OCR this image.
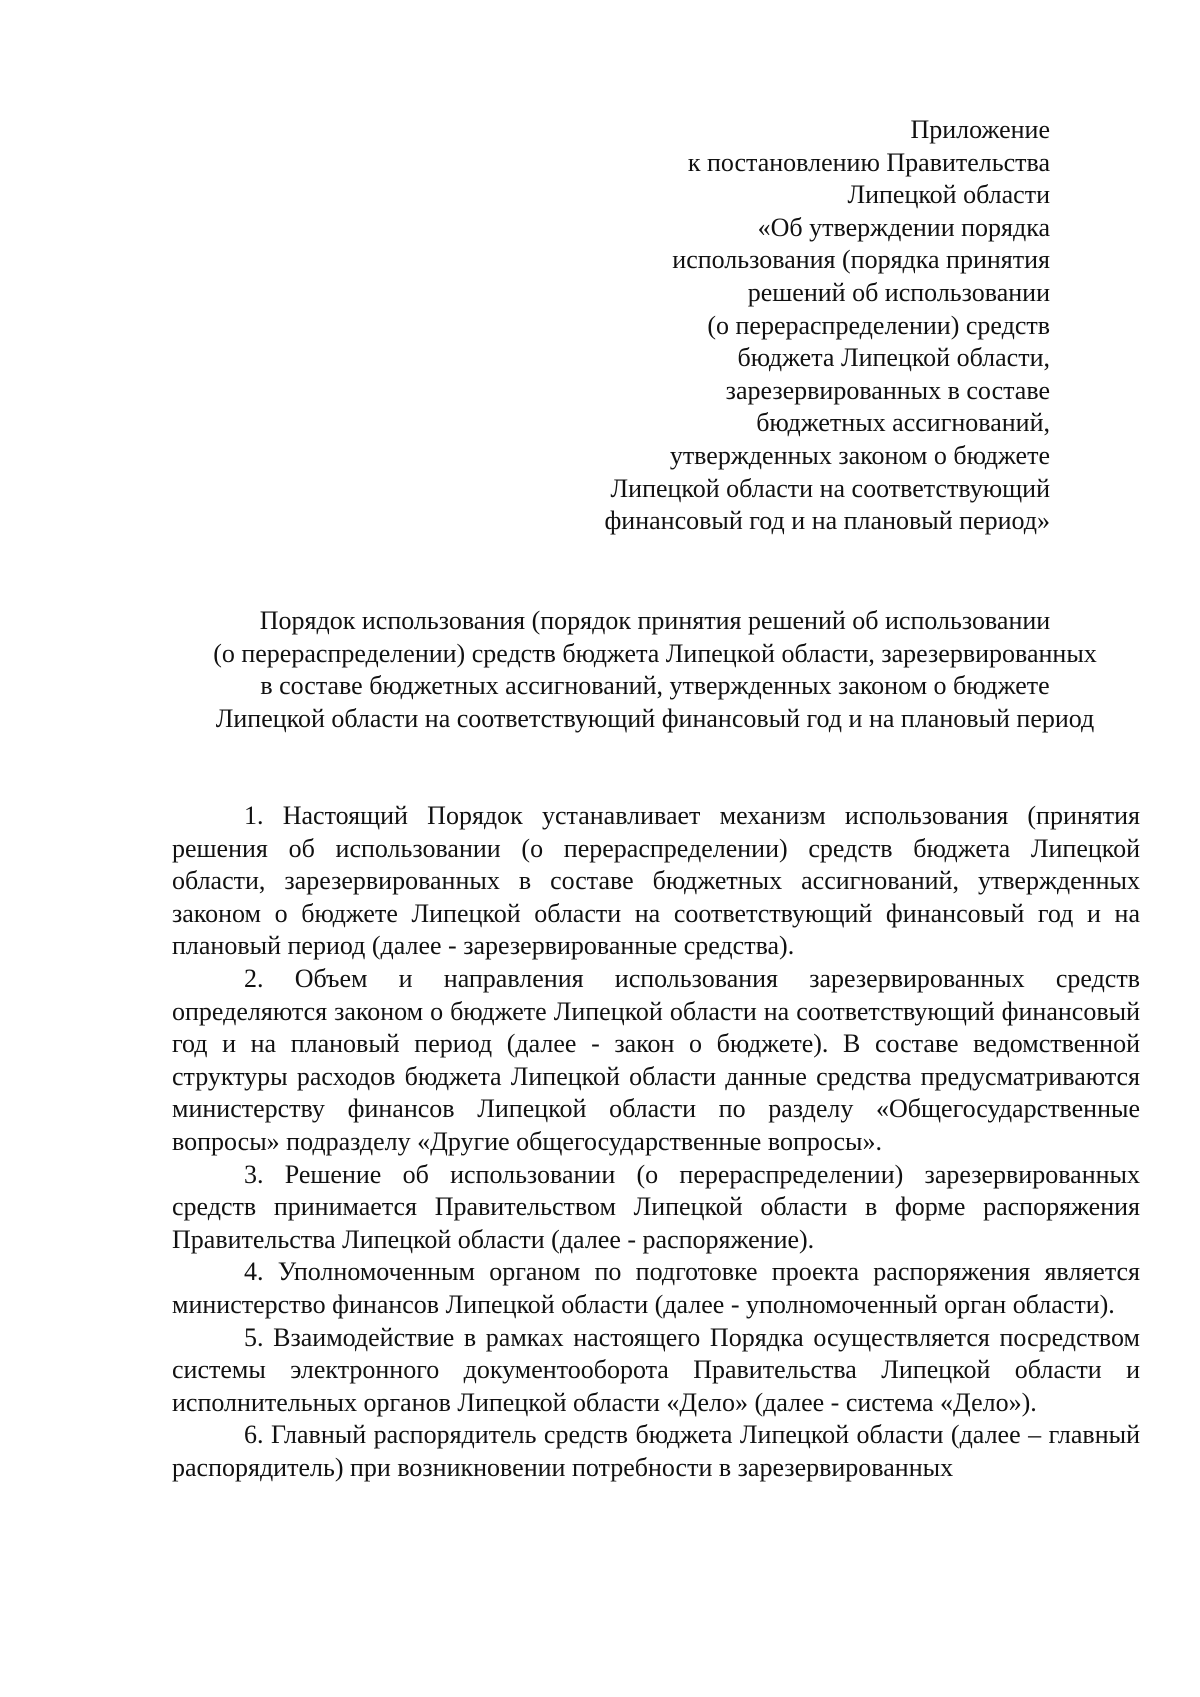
Приложение
к постановлению Правительства
Липецкой области
«Об утверждении порядка
использования (порядка принятия
решений об использовании
(о перераспределении) средств
бюджета Липецкой области,
зарезервированных в составе
бюджетных ассигнований,
утвержденных законом о бюджете
Липецкой области на соответствующий
финансовый год и на плановый период»
Порядок использования (порядок принятия решений об использовании
(о перераспределении) средств бюджета Липецкой области, зарезервированных
в составе бюджетных ассигнований, утвержденных законом о бюджете
Липецкой области на соответствующий финансовый год и на плановый период

1. Настоящий Порядок устанавливает механизм использования (принятия решения об использовании (о перераспределении) средств бюджета Липецкой области, зарезервированных в составе бюджетных ассигнований, утвержденных законом о бюджете Липецкой области на соответствующий финансовый год и на плановый период (далее - зарезервированные средства).

2. Объем и направления использования зарезервированных средств определяются законом о бюджете Липецкой области на соответствующий финансовый год и на плановый период (далее - закон о бюджете). В составе ведомственной структуры расходов бюджета Липецкой области данные средства предусматриваются министерству финансов Липецкой области по разделу «Общегосударственные вопросы» подразделу «Другие общегосударственные вопросы».

3. Решение об использовании (о перераспределении) зарезервированных средств принимается Правительством Липецкой области в форме распоряжения Правительства Липецкой области (далее - распоряжение).

4. Уполномоченным органом по подготовке проекта распоряжения является министерство финансов Липецкой области (далее - уполномоченный орган области).

5. Взаимодействие в рамках настоящего Порядка осуществляется посредством системы электронного документооборота Правительства Липецкой области и исполнительных органов Липецкой области «Дело» (далее - система «Дело»).

6. Главный распорядитель средств бюджета Липецкой области (далее – главный распорядитель) при возникновении потребности в зарезервированных
